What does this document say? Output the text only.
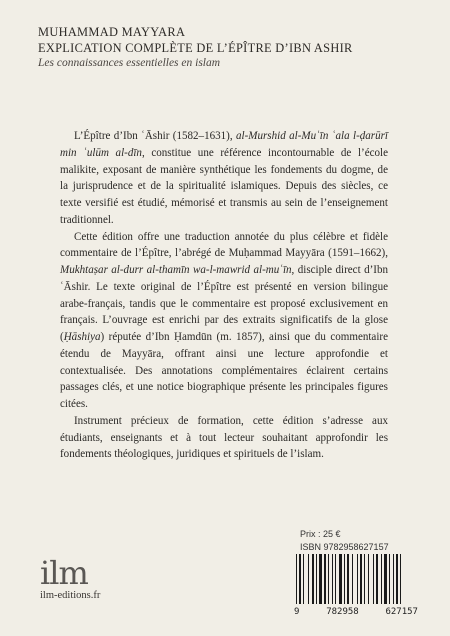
MUHAMMAD MAYYARA
EXPLICATION COMPLÈTE DE L’ÉPÎTRE D’IBN ASHIR
Les connaissances essentielles en islam

L’Épître d’Ibn ʿĀshir (1582–1631), al-Murshid al-Muʿīn ʿala l-ḍarūrī min ʿulūm al-dīn, constitue une référence incontournable de l’école malikite, exposant de manière synthétique les fondements du dogme, de la jurisprudence et de la spiritualité islamiques. Depuis des siècles, ce texte versifié est étudié, mémorisé et transmis au sein de l’enseignement traditionnel.

Cette édition offre une traduction annotée du plus célèbre et fidèle commentaire de l’Épître, l’abrégé de Muḥammad Mayyāra (1591–1662), Mukhtaṣar al-durr al-thamīn wa-l-mawrid al-muʿīn, disciple direct d’Ibn ʿĀshir. Le texte original de l’Épître est présenté en version bilingue arabe-français, tandis que le commentaire est proposé exclusivement en français. L’ouvrage est enrichi par des extraits significatifs de la glose (Ḥāshiya) réputée d’Ibn Ḥamdūn (m. 1857), ainsi que du commentaire étendu de Mayyāra, offrant ainsi une lecture approfondie et contextualisée. Des annotations complémentaires éclairent certains passages clés, et une notice biographique présente les principales figures citées.

Instrument précieux de formation, cette édition s’adresse aux étudiants, enseignants et à tout lecteur souhaitant approfondir les fondements théologiques, juridiques et spirituels de l’islam.

Prix : 25 €
ISBN 9782958627157
9	782958	627157
ilm
ilm-editions.fr
